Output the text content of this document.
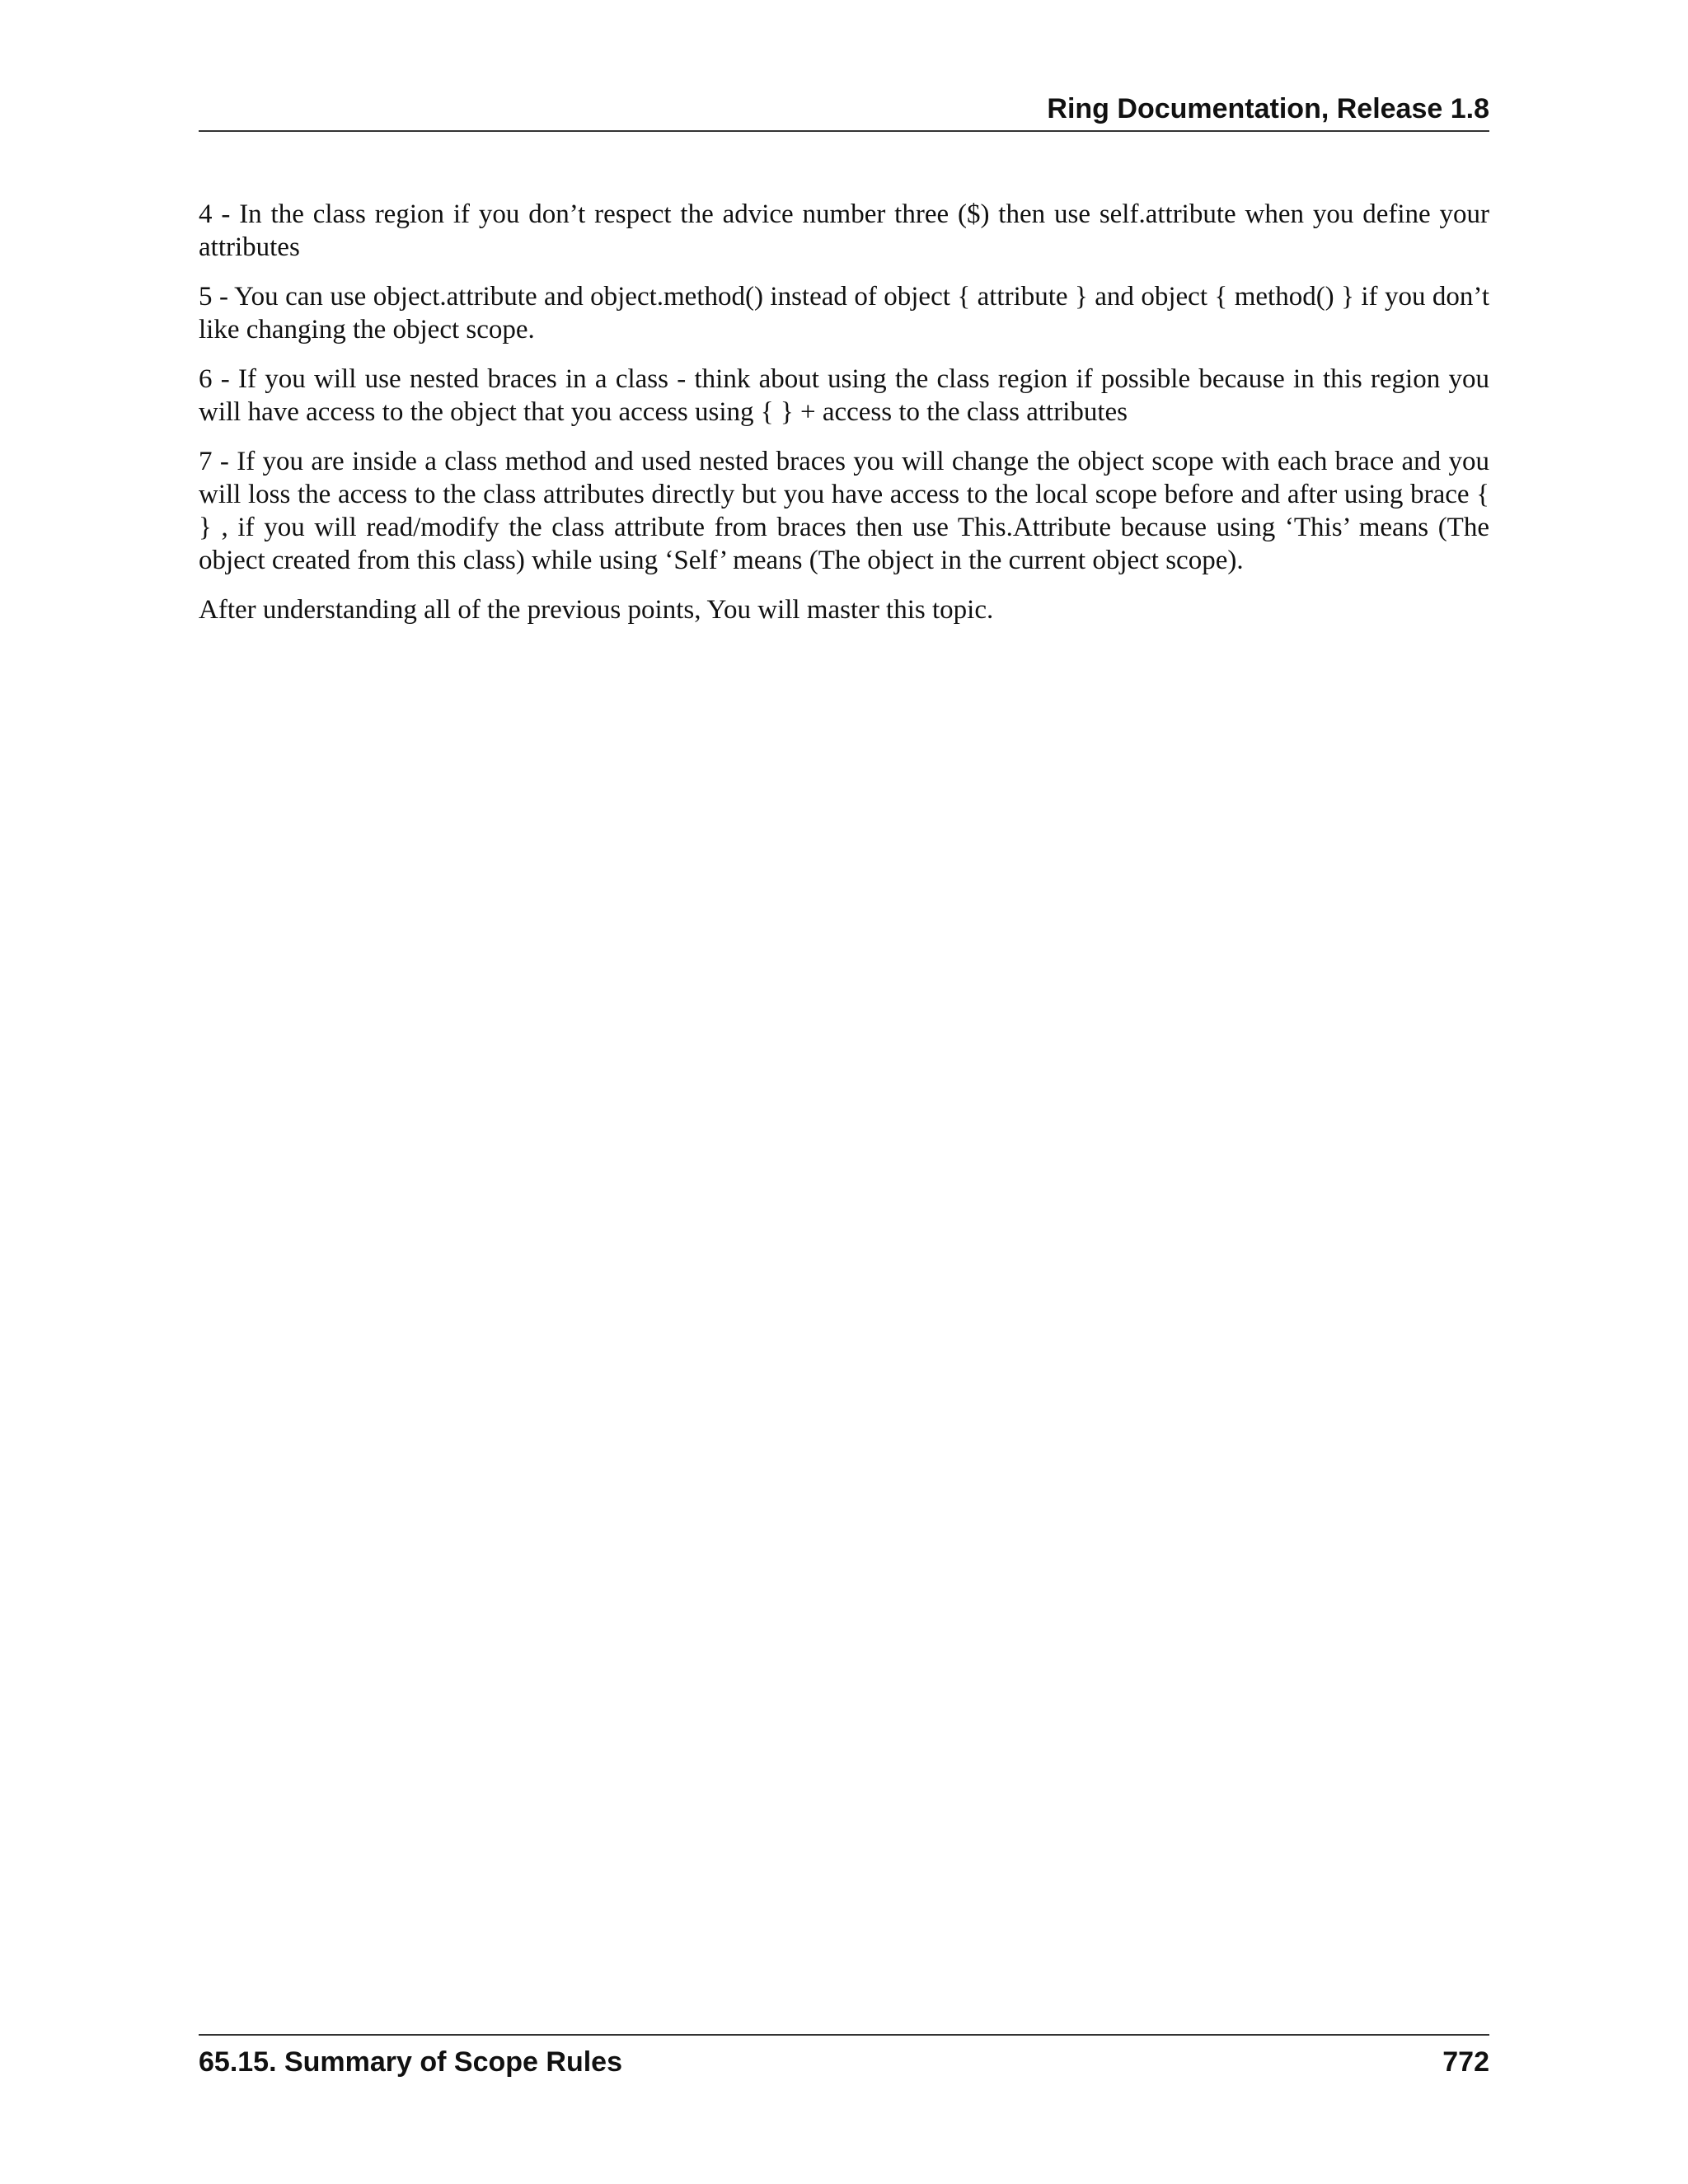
Ring Documentation, Release 1.8

4 - In the class region if you don’t respect the advice number three ($) then use self.attribute when you define your attributes

5 - You can use object.attribute and object.method() instead of object { attribute } and object { method() } if you don’t like changing the object scope.

6 - If you will use nested braces in a class - think about using the class region if possible because in this region you will have access to the object that you access using { } + access to the class attributes

7 - If you are inside a class method and used nested braces you will change the object scope with each brace and you will loss the access to the class attributes directly but you have access to the local scope before and after using brace { } , if you will read/modify the class attribute from braces then use This.Attribute because using ‘This’ means (The object created from this class) while using ‘Self’ means (The object in the current object scope).

After understanding all of the previous points, You will master this topic.

65.15. Summary of Scope Rules	772
